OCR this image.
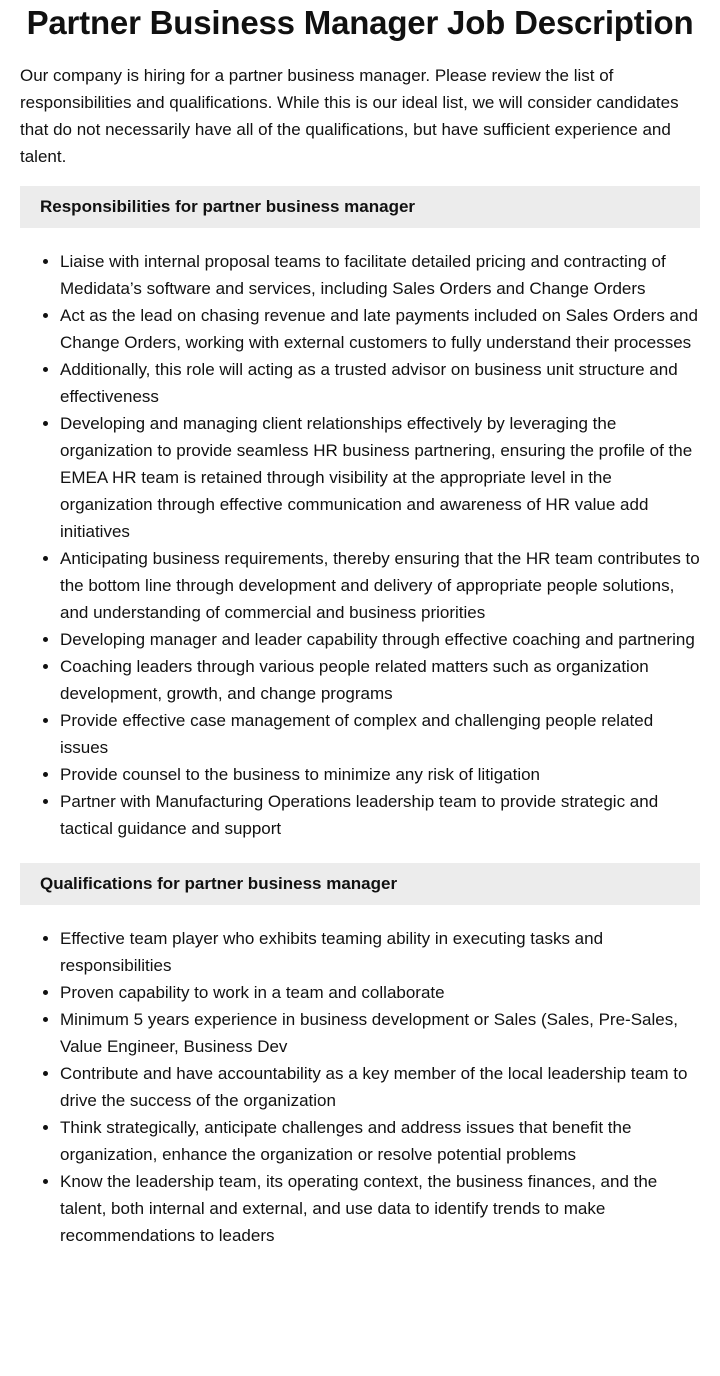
Partner Business Manager Job Description

Our company is hiring for a partner business manager. Please review the list of responsibilities and qualifications. While this is our ideal list, we will consider candidates that do not necessarily have all of the qualifications, but have sufficient experience and talent.

Responsibilities for partner business manager
• Liaise with internal proposal teams to facilitate detailed pricing and contracting of Medidata’s software and services, including Sales Orders and Change Orders
• Act as the lead on chasing revenue and late payments included on Sales Orders and Change Orders, working with external customers to fully understand their processes
• Additionally, this role will acting as a trusted advisor on business unit structure and effectiveness
• Developing and managing client relationships effectively by leveraging the organization to provide seamless HR business partnering, ensuring the profile of the EMEA HR team is retained through visibility at the appropriate level in the organization through effective communication and awareness of HR value add initiatives
• Anticipating business requirements, thereby ensuring that the HR team contributes to the bottom line through development and delivery of appropriate people solutions, and understanding of commercial and business priorities
• Developing manager and leader capability through effective coaching and partnering
• Coaching leaders through various people related matters such as organization development, growth, and change programs
• Provide effective case management of complex and challenging people related issues
• Provide counsel to the business to minimize any risk of litigation
• Partner with Manufacturing Operations leadership team to provide strategic and tactical guidance and support
Qualifications for partner business manager
• Effective team player who exhibits teaming ability in executing tasks and responsibilities
• Proven capability to work in a team and collaborate
• Minimum 5 years experience in business development or Sales (Sales, Pre-Sales, Value Engineer, Business Dev
• Contribute and have accountability as a key member of the local leadership team to drive the success of the organization
• Think strategically, anticipate challenges and address issues that benefit the organization, enhance the organization or resolve potential problems
• Know the leadership team, its operating context, the business finances, and the talent, both internal and external, and use data to identify trends to make recommendations to leaders
